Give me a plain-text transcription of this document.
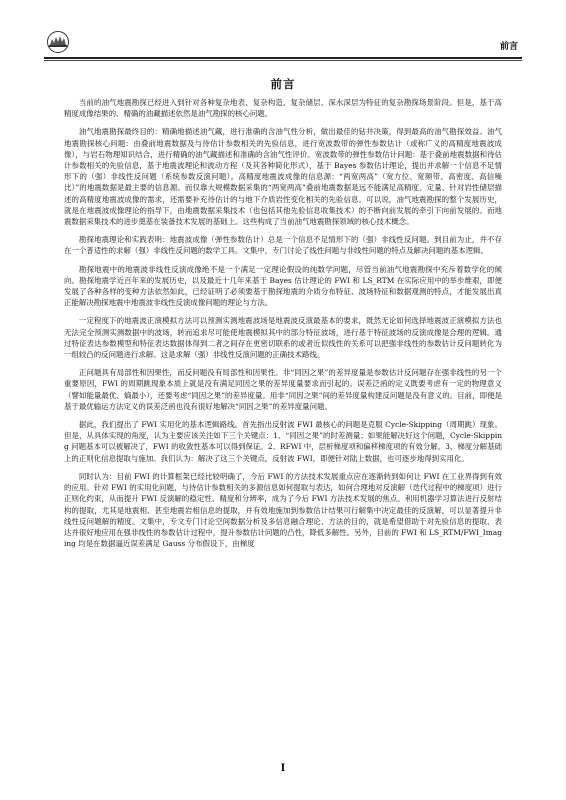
前言
前言

当前的油气地震勘探已经进入到针对各种复杂地表、复杂构造、复杂储层、深水深层为特征的复杂勘探场景阶段。但是，基于高精度成像结果的、精确的油藏描述依然是油气勘探的核心问题。

油气地震勘探最终目的：精确地描述油气藏，进行准确的含油气性分析，做出最佳的钻井决策，得到最高的油气勘探效益。油气地震勘探核心问题：由叠前地震数据及与待估计参数相关的先验信息，进行宽波数带的弹性参数估计（或称广义的高精度地震波成像），与岩石物理知识结合，进行精确的油气藏描述和准确的含油气性评价。宽波数带的弹性参数估计问题：基于叠前地震数据和待估计参数相关的先验信息，基于地震波理论和波动方程（及其各种简化形式），基于 Bayes 参数估计理论，提出并求解一个信息不足情形下的（强）非线性反问题（系统参数反演问题）。高精度地震波成像的信息源：“两宽两高”（宽方位、宽频带、高密度、高信噪比）”的地震数据是最主要的信息源。而仅靠大规模数据采集的“两宽两高”叠前地震数据是远不能满足高精度、定量、针对岩性储层描述的高精度地震波成像的需求，还需要补充待估计的与地下介质岩性变化相关的先验信息。可以说，油气地震勘探的整个发展历史，就是在地震波成像理论的指导下，由地震数据采集技术（也包括其他先验信息收集技术）的不断向前发展的牵引下向前发展的。而地震数据采集技术的进步奠基在装备技术发展的基础上。这些构成了当前油气地震勘探领域的核心技术概念。

勘探地震理论和实践表明：地震波成像（弹性参数估计）总是一个信息不足情形下的（强）非线性反问题。到目前为止，并不存在一个普适性的求解（强）非线性反问题的数学工具。文集中，专门讨论了线性问题与非线性问题的特点及解决问题的基本逻辑。

勘探地震中的地震波非线性反演成像绝不是一个满足一定理论假设的纯数学问题，尽管当前油气地震勘探中充斥着数学化的倾向。勘探地震学近百年来的发展历史，以及最近十几年来基于 Bayes 估计理论的 FWI 和 LS_RTM 在实际应用中的举步维艰，即便发展了各种各样的变种方法依然如此，已经证明了必须要基于勘探地震的介质分布特征、波场特征和数据观测的特点，才能发展出真正能解决勘探地震中地震波非线性反演成像问题的理论与方法。

一定程度下的地震波正演模拟方法可以预测实测地震波场是地震波反演最基本的要求，既然无论如何选择地震波正演模拟方法也无法完全预测实测数据中的波场，转而追求尽可能使地震模拟其中的部分特征波场，进行基于特征波场的反演成像是合理的逻辑。通过特征表达参数模型和特征表达数据体得到二者之间存在更密切联系的或者近似线性的关系可以把强非线性的参数估计反问题转化为一组较凸的反问题进行求解。这是求解（强）非线性反演问题的正确技术路线。

正问题具有局部性和因果性，而反问题没有局部性和因果性。非“同因之果”的差异度量是参数估计反问题存在强非线性的另一个重要原因，FWI 的周期跳现象本质上就是没有满足同因之果的差异度量要求而引起的。误差泛函的定义既要考虑有一定的物理意义（譬如能量最优、熵最小），还要考虑“同因之果”的差异度量。用非“同因之果”间的差异度量构建反问题是没有意义的。目前，即便是基于最优输运方法定义的误差泛函也没有很好地解决“同因之果”的差异度量问题。

据此，我们提出了 FWI 实用化的基本逻辑路线。首先指出反射波 FWI 最核心的问题是克服 Cycle-Skipping（周期跳）现象。但是，从具体实现的角度，认为主要应该关注如下三个关键点：1、“同因之果”的时差测量；如果能解决好这个问题，Cycle-Skipping 问题基本可以被解决了，FWI 的收敛性基本可以得到保证。2、RFWI 中，层析梯度项和偏移梯度项的有效分解。3、梯度分解基础上的正则化信息提取与施加。我们认为：解决了这三个关键点，反射波 FWI，即便针对陆上数据，也可逐步地得到实用化。

同时认为：目前 FWI 的计算框架已经比较明确了，今后 FWI 的方法技术发展重点应在逐渐转到如何让 FWI 在工业界得到有效的应用。针对 FWI 的实用化问题，与待估计参数相关的多源信息如何提取与表达，如何合理地对反演解（迭代过程中的梯度项）进行正则化约束，从而提升 FWI 反演解的稳定性、精度和分辨率，成为了今后 FWI 方法技术发展的焦点。利用机器学习算法进行反射结构的提取，尤其是地震相、甚至地震岩相信息的提取，并有效地施加到参数估计结果可行解集中决定最佳的反演解，可以显著提升非线性反问题解的精度。文集中，专文专门讨论空间数据分析及多信息融合理论、方法的目的，就是希望借助于对先验信息的提取、表达并很好地应用在强非线性的参数估计过程中，提升参数估计问题的凸性，降低多解性。另外，目前的 FWI 和 LS_RTM/FWI_Imaging 均是在数据逼近误差满足 Gauss 分布假设下，由梯度

I
